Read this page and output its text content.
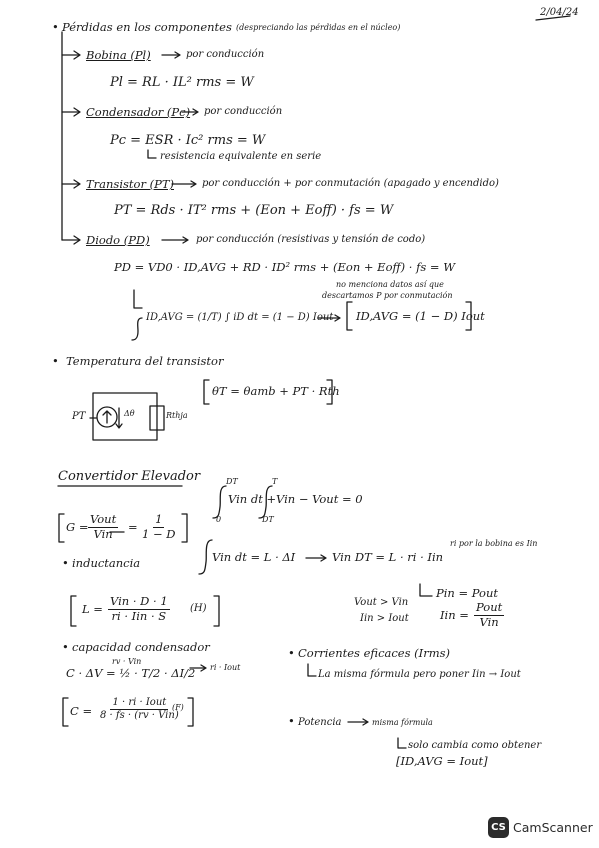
2/04/24
• Pérdidas en los componentes (despreciando las pérdidas en el núcleo)
Bobina (Pl)	por conducción
Pl = RL · IL² rms = W
Condensador (Pc) por conducción
Pc = ESR · Ic² rms = W
resistencia equivalente en serie
Transistor (PT)	por conducción + por conmutación (apagado y encendido)
PT = Rds · IT² rms + (Eon + Eoff) · fs = W
Diodo (PD)	por conducción (resistivas y tensión de codo)
PD = VD0 · ID,AVG + RD · ID² rms + (Eon + Eoff) · fs = W
no menciona datos así que
descartamos P por conmutación
ID,AVG = (1/T) ∫ iD dt = (1 − D) Iout ID,AVG = (1 − D) Iout
• Temperatura del transistor
θT = θamb + PT · Rth
PT	Δθ	Rthja
Convertidor Elevador	DT
0
Vin dt +
T
DT
Vin − Vout = 0
G =
Vout
Vin = $\frac{1}{1 - D}$
• inductancia	Vin dt = L · ΔI	Vin DT = L · ri · Iin
ri por la bobina es Iin
Pin = Pout
Vout > Vin
Iin > Iout	Iin =
Pout
Vin
L =
Vin · D · 1
ri · Iin · S (H)
• capacidad condensador
rv · Vin
C · ΔV = ½ · T/2 · ΔI/2 ri · Iout
C =
1 · ri · Iout
8 · fs · (rv · Vin)
(F)
• Corrientes eficaces (Irms)
La misma fórmula pero poner Iin → Iout
• Potencia	misma fórmula
solo cambia como obtener
[ID,AVG = Iout]
CS CamScanner
